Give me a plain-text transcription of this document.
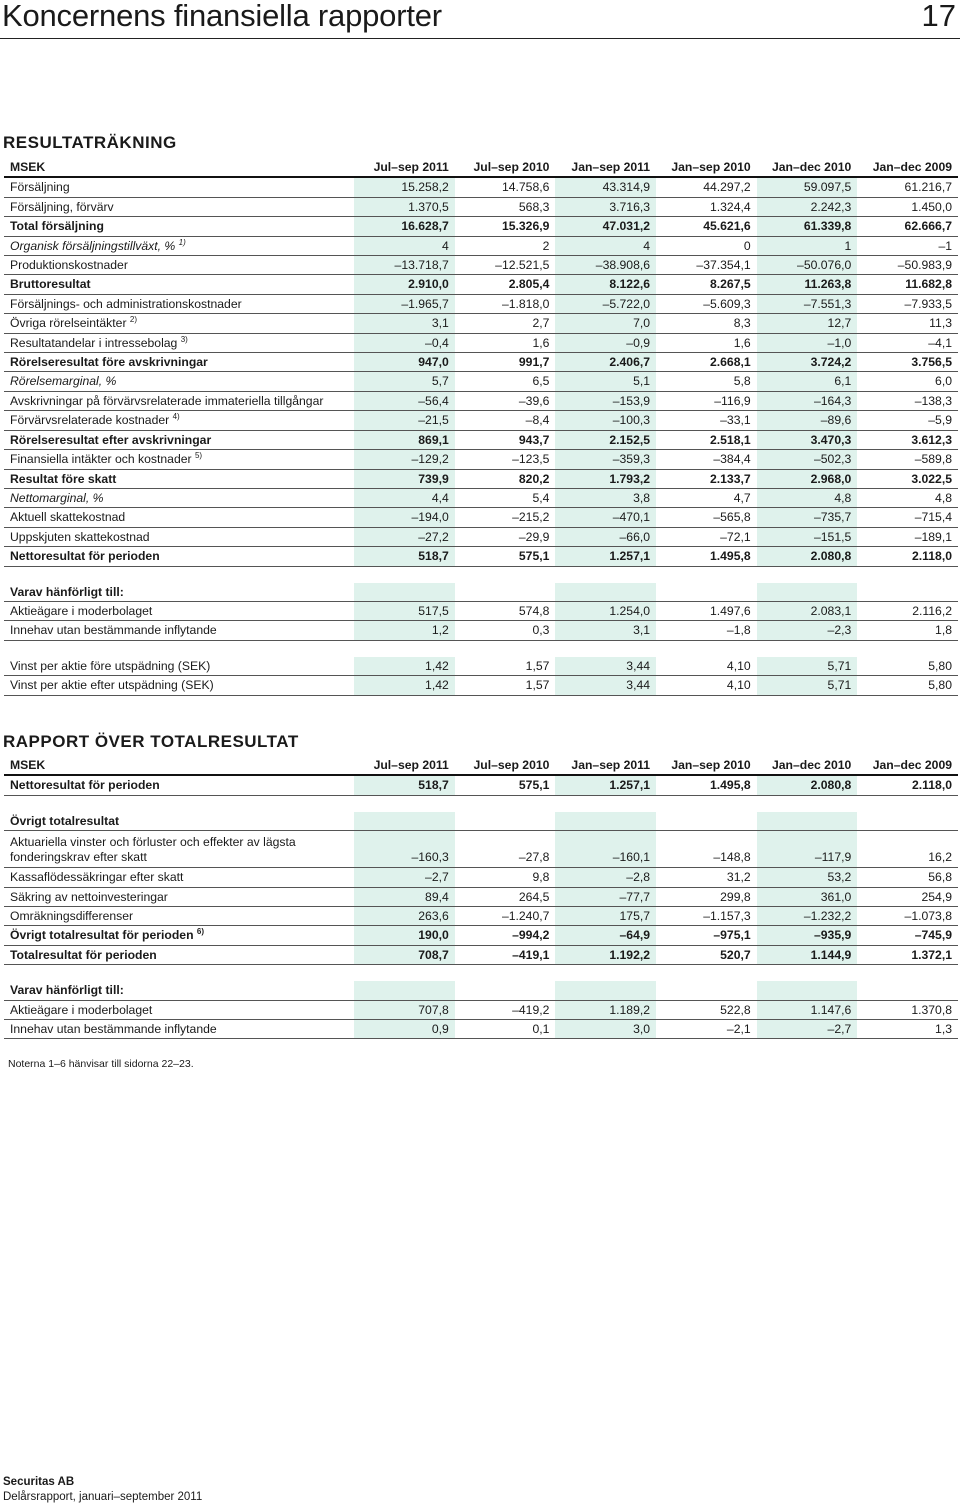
Koncernens finansiella rapporter	17
RESULTATRÄKNING
MSEK	Jul–sep 2011	Jul–sep 2010	Jan–sep 2011	Jan–sep 2010	Jan–dec 2010	Jan–dec 2009
Försäljning	15.258,2	14.758,6	43.314,9	44.297,2	59.097,5	61.216,7
Försäljning, förvärv	1.370,5	568,3	3.716,3	1.324,4	2.242,3	1.450,0
Total försäljning	16.628,7	15.326,9	47.031,2	45.621,6	61.339,8	62.666,7
Organisk försäljningstillväxt, % $^{1)}$	4	2	4	0	1	–1
Produktionskostnader	–13.718,7	–12.521,5	–38.908,6	–37.354,1	–50.076,0	–50.983,9
Bruttoresultat	2.910,0	2.805,4	8.122,6	8.267,5	11.263,8	11.682,8
Försäljnings- och administrationskostnader	–1.965,7	–1.818,0	–5.722,0	–5.609,3	–7.551,3	–7.933,5
Övriga rörelseintäkter $^{2)}$	3,1	2,7	7,0	8,3	12,7	11,3
Resultatandelar i intressebolag $^{3)}$	–0,4	1,6	–0,9	1,6	–1,0	–4,1
Rörelseresultat före avskrivningar	947,0	991,7	2.406,7	2.668,1	3.724,2	3.756,5
Rörelsemarginal, %	5,7	6,5	5,1	5,8	6,1	6,0
Avskrivningar på förvärvsrelaterade immateriella tillgångar	–56,4	–39,6	–153,9	–116,9	–164,3	–138,3
Förvärvsrelaterade kostnader $^{4)}$	–21,5	–8,4	–100,3	–33,1	–89,6	–5,9
Rörelseresultat efter avskrivningar	869,1	943,7	2.152,5	2.518,1	3.470,3	3.612,3
Finansiella intäkter och kostnader $^{5)}$	–129,2	–123,5	–359,3	–384,4	–502,3	–589,8
Resultat före skatt	739,9	820,2	1.793,2	2.133,7	2.968,0	3.022,5
Nettomarginal, %	4,4	5,4	3,8	4,7	4,8	4,8
Aktuell skattekostnad	–194,0	–215,2	–470,1	–565,8	–735,7	–715,4
Uppskjuten skattekostnad	–27,2	–29,9	–66,0	–72,1	–151,5	–189,1
Nettoresultat för perioden	518,7	575,1	1.257,1	1.495,8	2.080,8	2.118,0

Varav hänförligt till:						
Aktieägare i moderbolaget	517,5	574,8	1.254,0	1.497,6	2.083,1	2.116,2
Innehav utan bestämmande inflytande	1,2	0,3	3,1	–1,8	–2,3	1,8

Vinst per aktie före utspädning (SEK)	1,42	1,57	3,44	4,10	5,71	5,80
Vinst per aktie efter utspädning (SEK)	1,42	1,57	3,44	4,10	5,71	5,80
RAPPORT ÖVER TOTALRESULTAT
MSEK	Jul–sep 2011	Jul–sep 2010	Jan–sep 2011	Jan–sep 2010	Jan–dec 2010	Jan–dec 2009
Nettoresultat för perioden	518,7	575,1	1.257,1	1.495,8	2.080,8	2.118,0

Övrigt totalresultat						
Aktuariella vinster och förluster och effekter av lägsta
fonderingskrav efter skatt	–160,3	–27,8	–160,1	–148,8	–117,9	16,2
Kassaflödessäkringar efter skatt	–2,7	9,8	–2,8	31,2	53,2	56,8
Säkring av nettoinvesteringar	89,4	264,5	–77,7	299,8	361,0	254,9
Omräkningsdifferenser	263,6	–1.240,7	175,7	–1.157,3	–1.232,2	–1.073,8
Övrigt totalresultat för perioden $^{6)}$	190,0	–994,2	–64,9	–975,1	–935,9	–745,9
Totalresultat för perioden	708,7	–419,1	1.192,2	520,7	1.144,9	1.372,1

Varav hänförligt till:						
Aktieägare i moderbolaget	707,8	–419,2	1.189,2	522,8	1.147,6	1.370,8
Innehav utan bestämmande inflytande	0,9	0,1	3,0	–2,1	–2,7	1,3
Noterna 1–6 hänvisar till sidorna 22–23.
Securitas AB
Delårsrapport, januari–september 2011
